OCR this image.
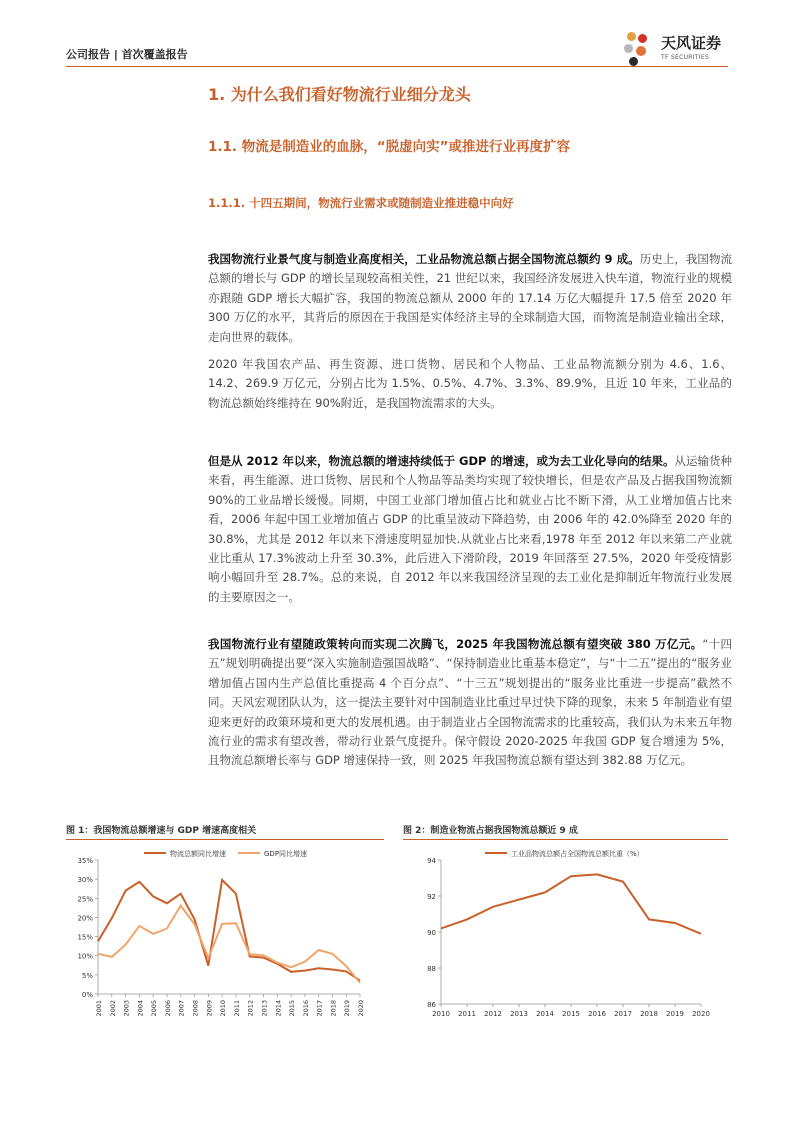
公司报告 | 首次覆盖报告
天风证券
TF SECURITIES
1. 为什么我们看好物流行业细分龙头
1.1. 物流是制造业的血脉，“脱虚向实”或推进行业再度扩容
1.1.1. 十四五期间，物流行业需求或随制造业推进稳中向好

我国物流行业景气度与制造业高度相关，工业品物流总额占据全国物流总额约 9 成。历史上，我国物流总额的增长与 GDP 的增长呈现较高相关性，21 世纪以来，我国经济发展进入快车道，物流行业的规模亦跟随 GDP 增长大幅扩容，我国的物流总额从 2000 年的 17.14 万亿大幅提升 17.5 倍至 2020 年 300 万亿的水平，其背后的原因在于我国是实体经济主导的全球制造大国，而物流是制造业输出全球，走向世界的载体。

2020 年我国农产品、再生资源、进口货物、居民和个人物品、工业品物流额分别为 4.6、1.6、14.2、269.9 万亿元，分别占比为 1.5%、0.5%、4.7%、3.3%、89.9%，且近 10 年来，工业品的物流总额始终维持在 90%附近，是我国物流需求的大头。

但是从 2012 年以来，物流总额的增速持续低于 GDP 的增速，或为去工业化导向的结果。从运输货种来看，再生能源、进口货物、居民和个人物品等品类均实现了较快增长，但是农产品及占据我国物流额 90%的工业品增长缓慢。同期，中国工业部门增加值占比和就业占比不断下滑，从工业增加值占比来看，2006 年起中国工业增加值占 GDP 的比重呈波动下降趋势，由 2006 年的 42.0%降至 2020 年的 30.8%，尤其是 2012 年以来下滑速度明显加快.从就业占比来看,1978 年至 2012 年以来第二产业就业比重从 17.3%波动上升至 30.3%，此后进入下滑阶段，2019 年回落至 27.5%，2020 年受疫情影响小幅回升至 28.7%。总的来说，自 2012 年以来我国经济呈现的去工业化是抑制近年物流行业发展的主要原因之一。

我国物流行业有望随政策转向而实现二次腾飞，2025 年我国物流总额有望突破 380 万亿元。“十四五”规划明确提出要“深入实施制造强国战略”、“保持制造业比重基本稳定”，与“十二五”提出的“服务业增加值占国内生产总值比重提高 4 个百分点”、“十三五”规划提出的“服务业比重进一步提高”截然不同。天风宏观团队认为，这一提法主要针对中国制造业比重过早过快下降的现象，未来 5 年制造业有望迎来更好的政策环境和更大的发展机遇。由于制造业占全国物流需求的比重较高，我们认为未来五年物流行业的需求有望改善，带动行业景气度提升。保守假设 2020-2025 年我国 GDP 复合增速为 5%，且物流总额增长率与 GDP 增速保持一致，则 2025 年我国物流总额有望达到 382.88 万亿元。

图 1：我国物流总额增速与 GDP 增速高度相关
0%
5%
10%
15%
20%
25%
30%
35%
2001 2002 2003 2004 2005 2006 2007 2008 2009 2010 2011 2012 2013 2014 2015 2016 2017 2018 2019 2020
物流总额同比增速	GDP同比增速
图 2：制造业物流占据我国物流总额近 9 成
86
88
90
92
94
2010 2011 2012 2013 2014 2015 2016 2017 2018 2019 2020
工业品物流总额占全国物流总额比重（%）
